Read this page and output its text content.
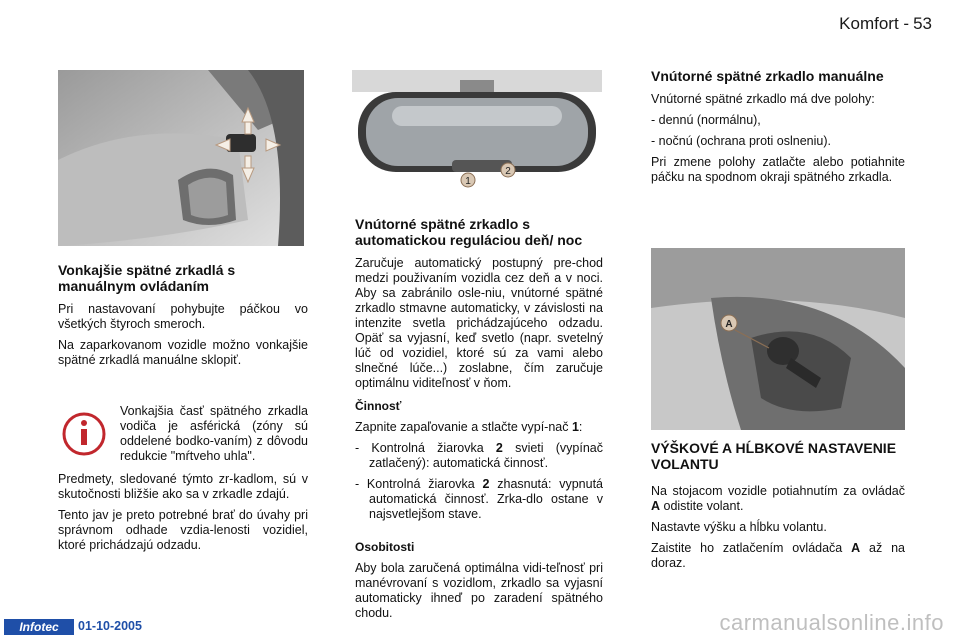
Komfort - 53
1
2
A
Vonkajšie spätné zrkadlá s manuálnym ovládaním

Pri nastavovaní pohybujte páčkou vo všetkých štyroch smeroch.

Na zaparkovanom vozidle možno vonkajšie spätné zrkadlá manuálne sklopiť.

Vonkajšia časť spätného zrkadla vodiča je asférická (zóny sú oddelené bodko-vaním) z dôvodu redukcie "mŕtveho uhla".

Predmety, sledované týmto zr-kadlom, sú v skutočnosti bližšie ako sa v zrkadle zdajú.

Tento jav je preto potrebné brať do úvahy pri správnom odhade vzdia-lenosti vozidiel, ktoré prichádzajú odzadu.

Vnútorné spätné zrkadlo s automatickou reguláciou deň/ noc

Zaručuje automatický postupný pre-chod medzi použivaním vozidla cez deň a v noci. Aby sa zabránilo osle-niu, vnútorné spätné zrkadlo stmavne automaticky, v závislosti na intenzite svetla prichádzajúceho odzadu. Opäť sa vyjasní, keď svetlo (napr. svetelný lúč od vozidiel, ktoré sú za vami alebo slnečné lúče...) zoslabne, čím zaručuje optimálnu viditeľnosť v ňom.

Činnosť

Zapnite zapaľovanie a stlačte vypí-nač 1:

- Kontrolná žiarovka 2 svieti (vypínač zatlačený): automatická činnosť.

- Kontrolná žiarovka 2 zhasnutá: vypnutá automatická činnosť. Zrka-dlo ostane v najsvetlejšom stave.

Osobitosti

Aby bola zaručená optimálna vidi-teľnosť pri manévrovaní s vozidlom, zrkadlo sa vyjasní automaticky ihneď po zaradení spätného chodu.

Vnútorné spätné zrkadlo manuálne

Vnútorné spätné zrkadlo má dve polohy:

- dennú (normálnu),

- nočnú (ochrana proti oslneniu).

Pri zmene polohy zatlačte alebo potiahnite páčku na spodnom okraji spätného zrkadla.

VÝŠKOVÉ A HĹBKOVÉ NASTAVENIE VOLANTU

Na stojacom vozidle potiahnutím za ovládač A odistite volant.

Nastavte výšku a hĺbku volantu.

Zaistite ho zatlačením ovládača A až na doraz.

Infotec	01-10-2005	carmanualsonline.info
